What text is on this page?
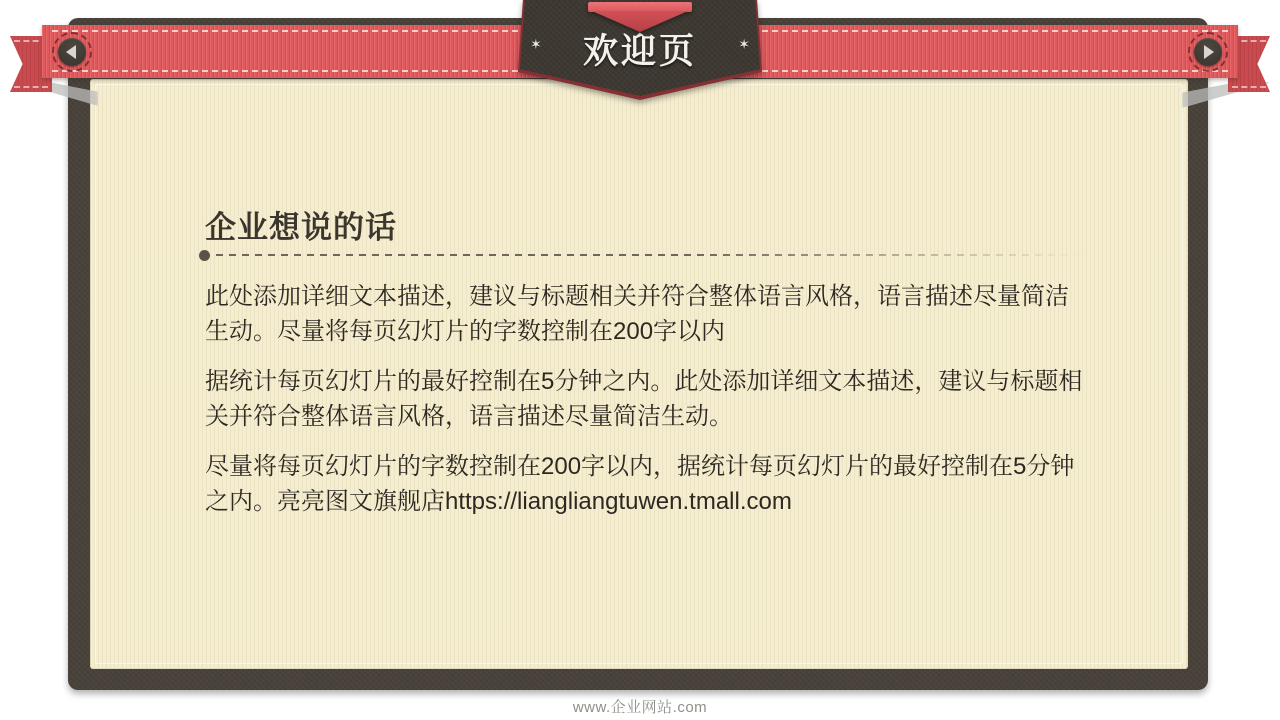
✶	欢迎页	✶
企业想说的话

此处添加详细文本描述，建议与标题相关并符合整体语言风格，语言描述尽量简洁生动。尽量将每页幻灯片的字数控制在200字以内

据统计每页幻灯片的最好控制在5分钟之内。此处添加详细文本描述，建议与标题相关并符合整体语言风格，语言描述尽量简洁生动。

尽量将每页幻灯片的字数控制在200字以内，据统计每页幻灯片的最好控制在5分钟之内。亮亮图文旗舰店https://liangliangtuwen.tmall.com

www.企业网站.com
